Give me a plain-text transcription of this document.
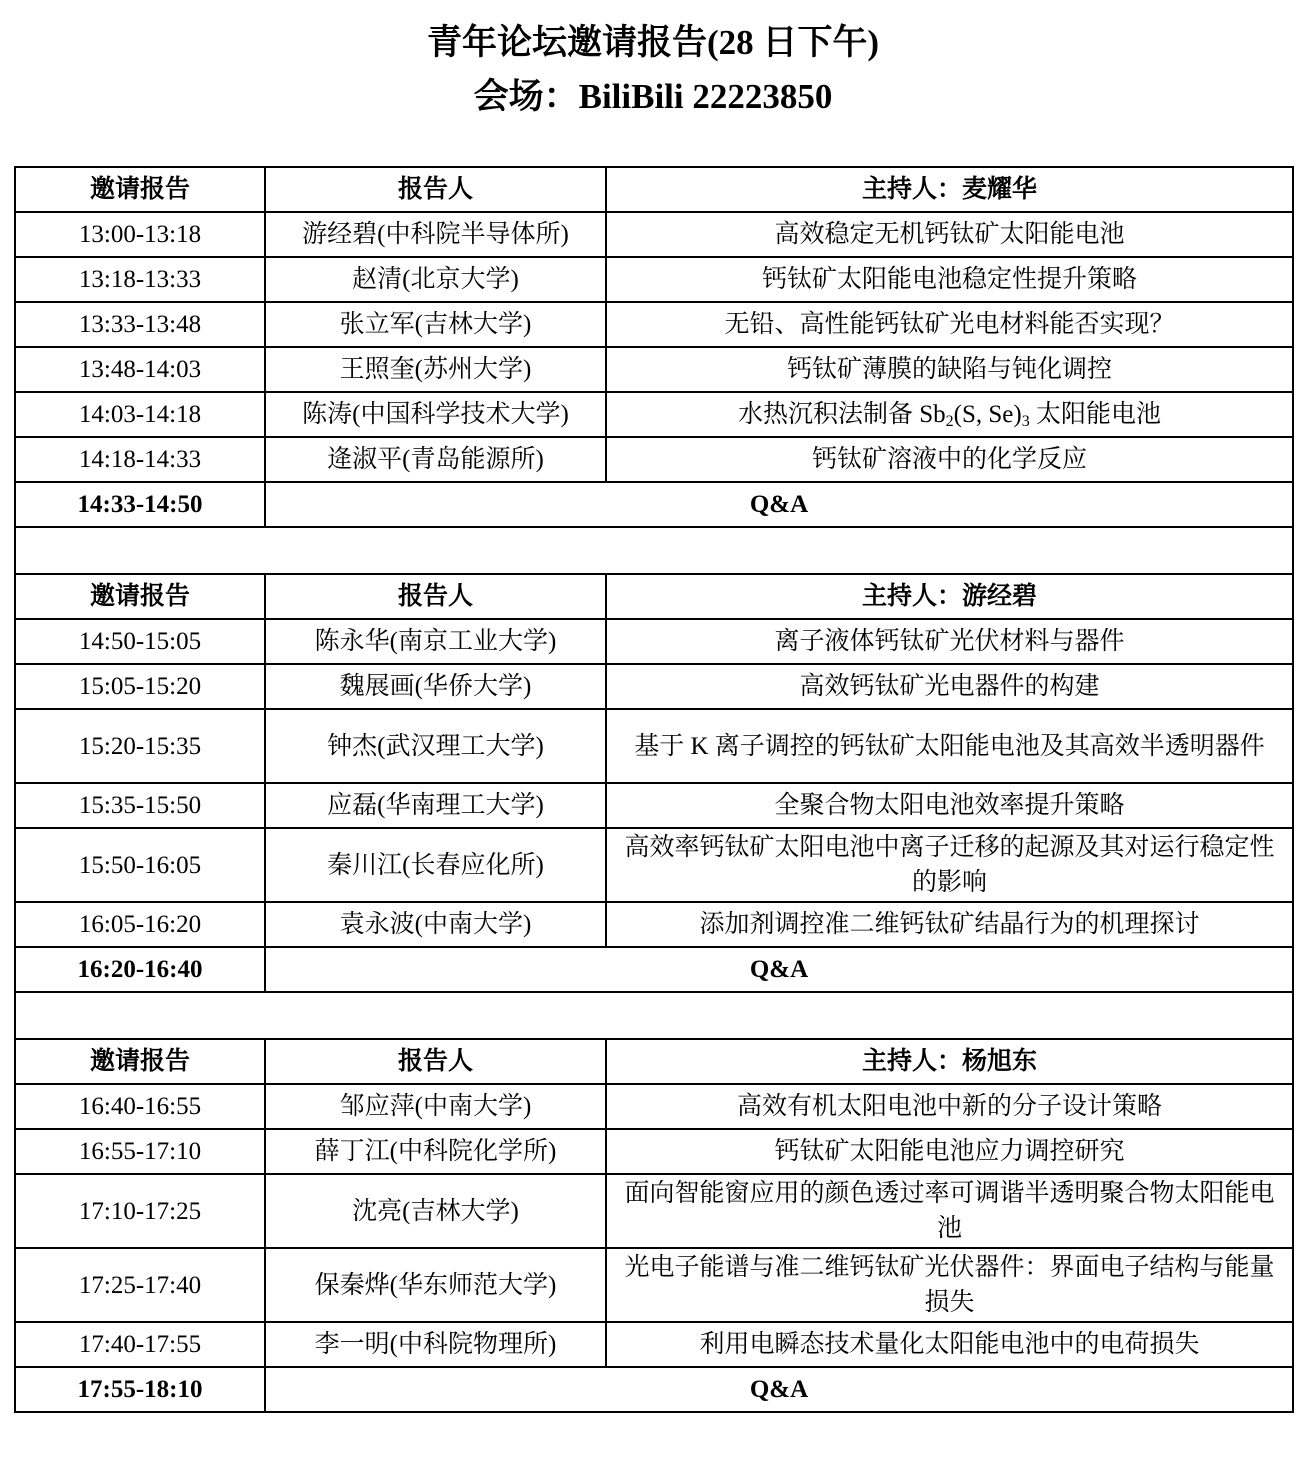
青年论坛邀请报告(28 日下午)
会场：BiliBili 22223850
邀请报告	报告人	主持人：麦耀华
13:00-13:18	游经碧(中科院半导体所)	高效稳定无机钙钛矿太阳能电池
13:18-13:33	赵清(北京大学)	钙钛矿太阳能电池稳定性提升策略
13:33-13:48	张立军(吉林大学)	无铅、高性能钙钛矿光电材料能否实现？
13:48-14:03	王照奎(苏州大学)	钙钛矿薄膜的缺陷与钝化调控
14:03-14:18	陈涛(中国科学技术大学)	水热沉积法制备 $Sb_2(S$, $Se)_3$ 太阳能电池
14:18-14:33	逄淑平(青岛能源所)	钙钛矿溶液中的化学反应
14:33-14:50	Q&A	

邀请报告	报告人	主持人：游经碧
14:50-15:05	陈永华(南京工业大学)	离子液体钙钛矿光伏材料与器件
15:05-15:20	魏展画(华侨大学)	高效钙钛矿光电器件的构建
15:20-15:35	钟杰(武汉理工大学)	基于 K 离子调控的钙钛矿太阳能电池及其高效半透明器件
15:35-15:50	应磊(华南理工大学)	全聚合物太阳电池效率提升策略
15:50-16:05	秦川江(长春应化所)	高效率钙钛矿太阳电池中离子迁移的起源及其对运行稳定性的影响
16:05-16:20	袁永波(中南大学)	添加剂调控准二维钙钛矿结晶行为的机理探讨
16:20-16:40	Q&A	

邀请报告	报告人	主持人：杨旭东
16:40-16:55	邹应萍(中南大学)	高效有机太阳电池中新的分子设计策略
16:55-17:10	薛丁江(中科院化学所)	钙钛矿太阳能电池应力调控研究
17:10-17:25	沈亮(吉林大学)	面向智能窗应用的颜色透过率可调谐半透明聚合物太阳能电池
17:25-17:40	保秦烨(华东师范大学)	光电子能谱与准二维钙钛矿光伏器件：界面电子结构与能量损失
17:40-17:55	李一明(中科院物理所)	利用电瞬态技术量化太阳能电池中的电荷损失
17:55-18:10	Q&A	
